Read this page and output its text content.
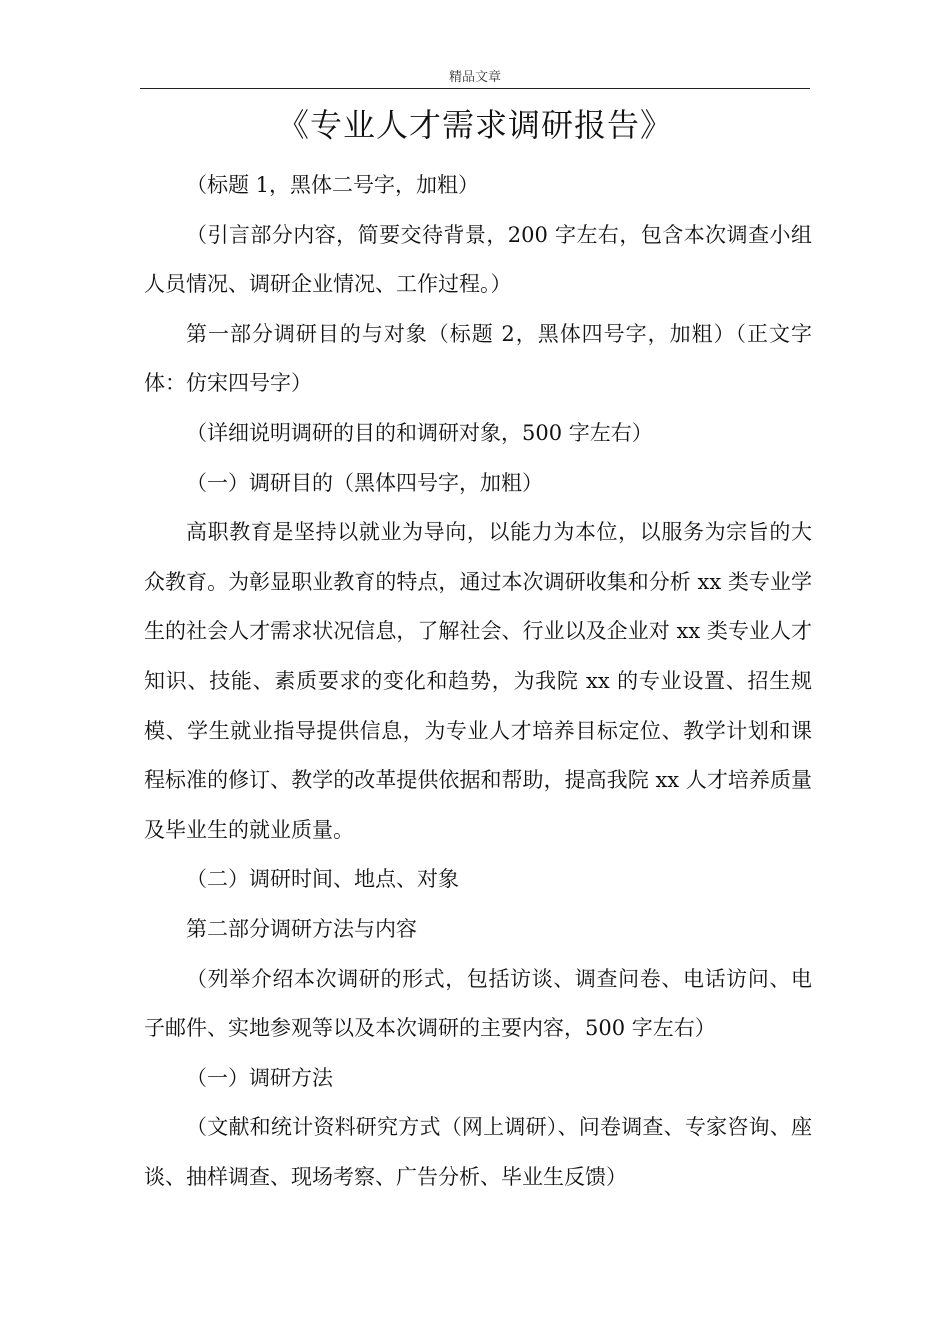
精品文章
《专业人才需求调研报告》

（标题 1，黑体二号字，加粗）

（引言部分内容，简要交待背景，200 字左右，包含本次调查小组人员情况、调研企业情况、工作过程。）

第一部分调研目的与对象（标题 2，黑体四号字，加粗）（正文字体：仿宋四号字）

（详细说明调研的目的和调研对象，500 字左右）

（一）调研目的（黑体四号字，加粗）

高职教育是坚持以就业为导向，以能力为本位，以服务为宗旨的大众教育。为彰显职业教育的特点，通过本次调研收集和分析 xx 类专业学生的社会人才需求状况信息，了解社会、行业以及企业对 xx 类专业人才知识、技能、素质要求的变化和趋势，为我院 xx 的专业设置、招生规模、学生就业指导提供信息，为专业人才培养目标定位、教学计划和课程标准的修订、教学的改革提供依据和帮助，提高我院 xx 人才培养质量及毕业生的就业质量。

（二）调研时间、地点、对象

第二部分调研方法与内容

（列举介绍本次调研的形式，包括访谈、调查问卷、电话访问、电子邮件、实地参观等以及本次调研的主要内容，500 字左右）

（一）调研方法

（文献和统计资料研究方式（网上调研）、问卷调查、专家咨询、座谈、抽样调查、现场考察、广告分析、毕业生反馈）
